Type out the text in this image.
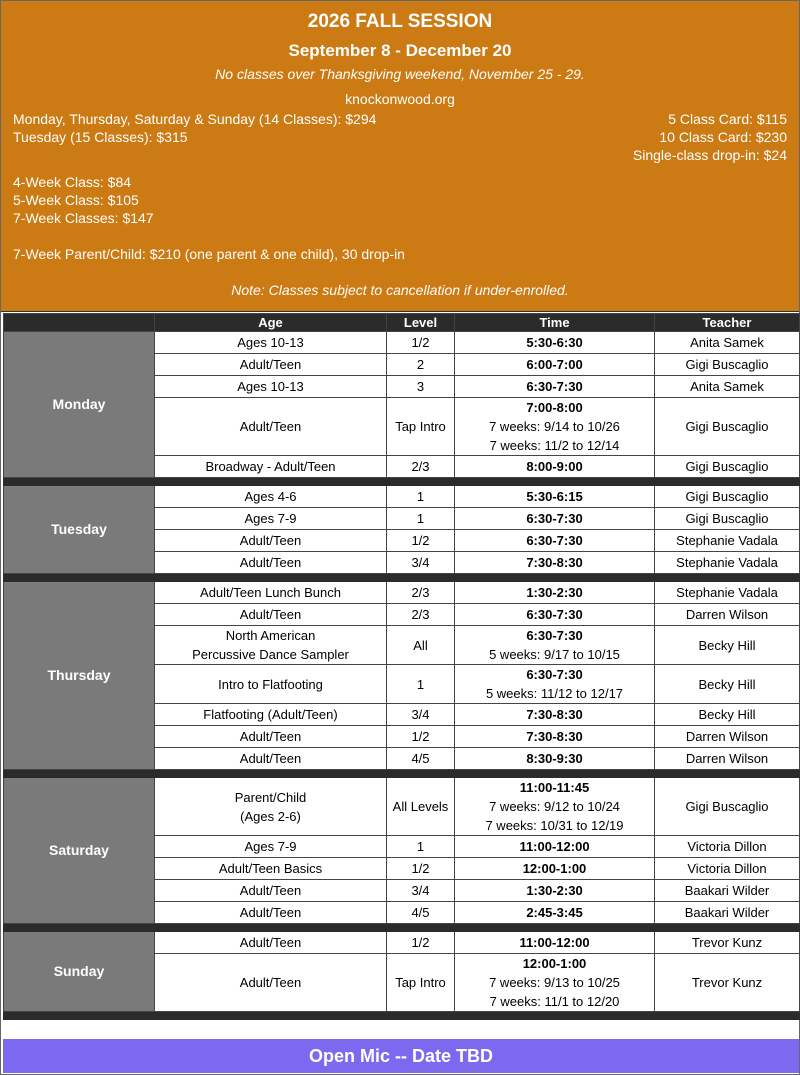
2026 FALL SESSION
September 8 - December 20
No classes over Thanksgiving weekend, November 25 - 29.
knockonwood.org
Monday, Thursday, Saturday & Sunday (14 Classes): $294
Tuesday (15 Classes): $315
5 Class Card: $115
10 Class Card: $230
Single-class drop-in: $24
4-Week Class: $84
5-Week Class: $105
7-Week Classes: $147
7-Week Parent/Child: $210 (one parent & one child), 30 drop-in
Note: Classes subject to cancellation if under-enrolled.
	Age	Level	Time	Teacher
Monday	Ages 10-13	1/2	5:30-6:30	Anita Samek

	Adult/Teen	2	6:00-7:00	Gigi Buscaglio

	Ages 10-13	3	6:30-7:30	Anita Samek

	Adult/Teen	Tap Intro	7:00-8:00
7 weeks: 9/14 to 10/26
7 weeks: 11/2 to 12/14	Gigi Buscaglio

	Broadway - Adult/Teen	2/3	8:00-9:00	Gigi Buscaglio

Tuesday	Ages 4-6	1	5:30-6:15	Gigi Buscaglio

	Ages 7-9	1	6:30-7:30	Gigi Buscaglio

	Adult/Teen	1/2	6:30-7:30	Stephanie Vadala

	Adult/Teen	3/4	7:30-8:30	Stephanie Vadala

Thursday	Adult/Teen Lunch Bunch	2/3	1:30-2:30	Stephanie Vadala

	Adult/Teen	2/3	6:30-7:30	Darren Wilson

	North American
Percussive Dance Sampler	All	6:30-7:30
5 weeks: 9/17 to 10/15	Becky Hill

	Intro to Flatfooting	1	6:30-7:30
5 weeks: 11/12 to 12/17	Becky Hill

	Flatfooting (Adult/Teen)	3/4	7:30-8:30	Becky Hill

	Adult/Teen	1/2	7:30-8:30	Darren Wilson

	Adult/Teen	4/5	8:30-9:30	Darren Wilson

Saturday	Parent/Child
(Ages 2-6)	All Levels	11:00-11:45
7 weeks: 9/12 to 10/24
7 weeks: 10/31 to 12/19	Gigi Buscaglio

	Ages 7-9	1	11:00-12:00	Victoria Dillon

	Adult/Teen Basics	1/2	12:00-1:00	Victoria Dillon

	Adult/Teen	3/4	1:30-2:30	Baakari Wilder

	Adult/Teen	4/5	2:45-3:45	Baakari Wilder

Sunday	Adult/Teen	1/2	11:00-12:00	Trevor Kunz

	Adult/Teen	Tap Intro	12:00-1:00
7 weeks: 9/13 to 10/25
7 weeks: 11/1 to 12/20	Trevor Kunz

Open Mic -- Date TBD
